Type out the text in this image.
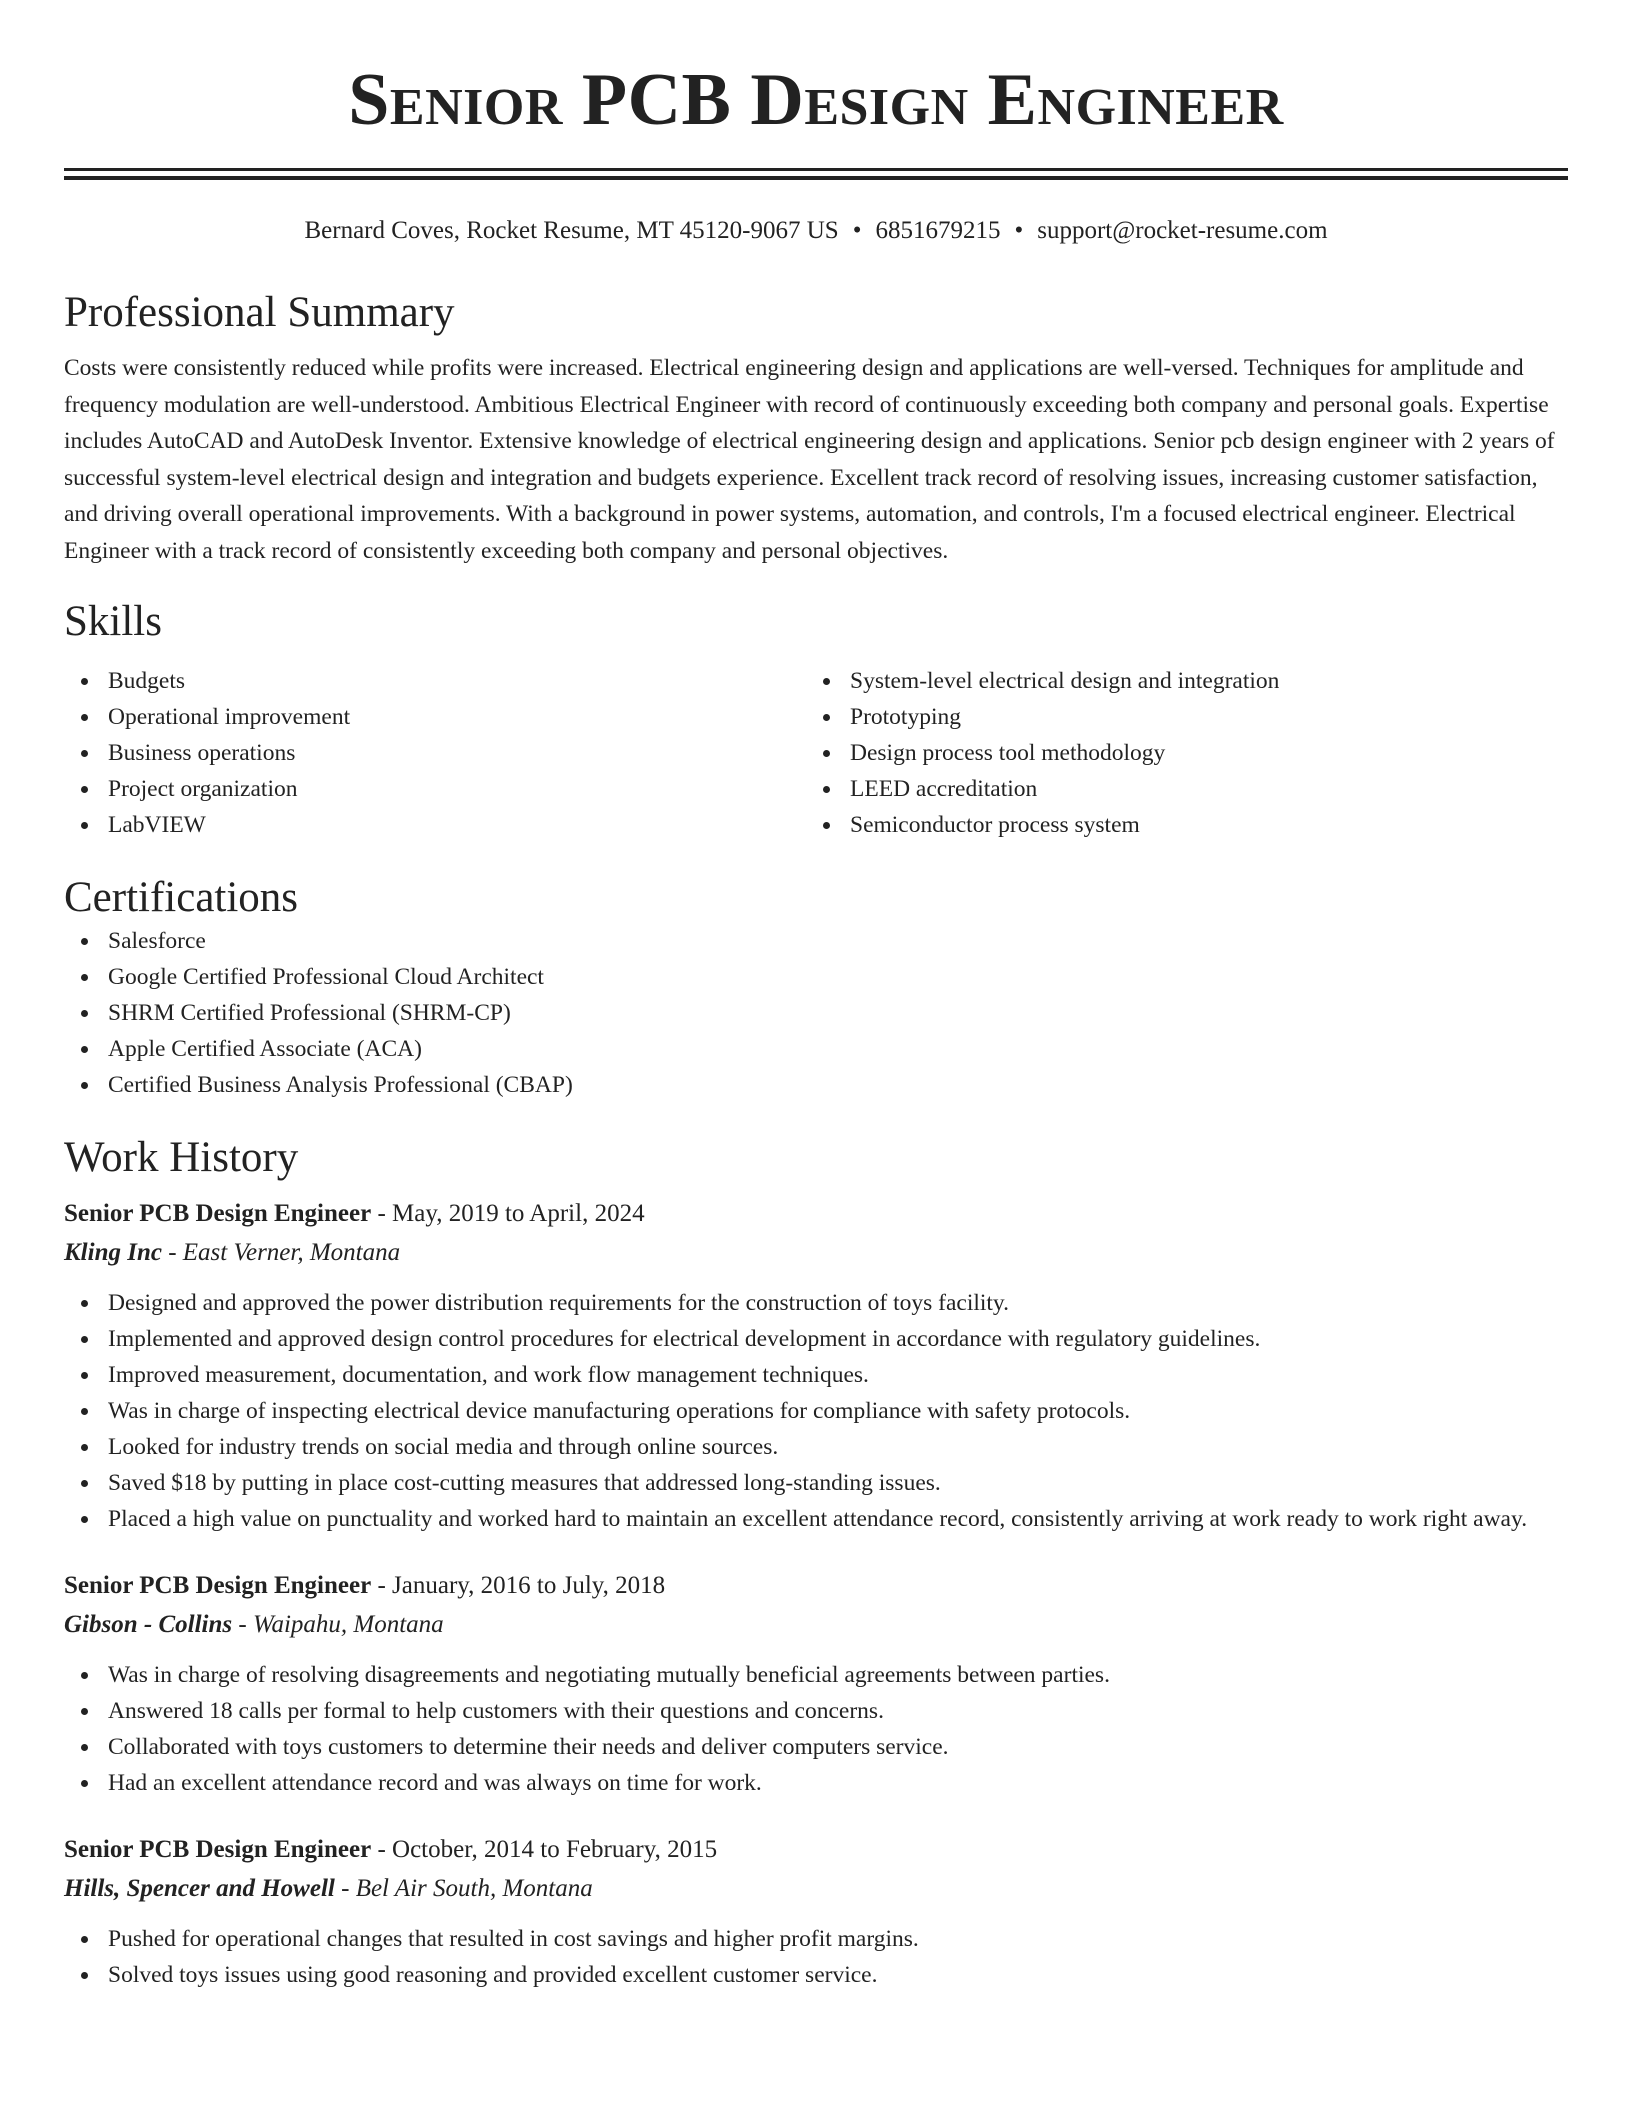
Senior PCB Design Engineer
Bernard Coves, Rocket Resume, MT 45120-9067 US • 6851679215 • support@rocket-resume.com
Professional Summary

Costs were consistently reduced while profits were increased. Electrical engineering design and applications are well-versed. Techniques for amplitude and frequency modulation are well-understood. Ambitious Electrical Engineer with record of continuously exceeding both company and personal goals. Expertise includes AutoCAD and AutoDesk Inventor. Extensive knowledge of electrical engineering design and applications. Senior pcb design engineer with 2 years of successful system-level electrical design and integration and budgets experience. Excellent track record of resolving issues, increasing customer satisfaction, and driving overall operational improvements. With a background in power systems, automation, and controls, I'm a focused electrical engineer. Electrical Engineer with a track record of consistently exceeding both company and personal objectives.

Skills
Budgets
Operational improvement
Business operations
Project organization
LabVIEW
System-level electrical design and integration
Prototyping
Design process tool methodology
LEED accreditation
Semiconductor process system
Certifications
Salesforce
Google Certified Professional Cloud Architect
SHRM Certified Professional (SHRM-CP)
Apple Certified Associate (ACA)
Certified Business Analysis Professional (CBAP)
Work History
Senior PCB Design Engineer - May, 2019 to April, 2024
Kling Inc - East Verner, Montana
Designed and approved the power distribution requirements for the construction of toys facility.
Implemented and approved design control procedures for electrical development in accordance with regulatory guidelines.
Improved measurement, documentation, and work flow management techniques.
Was in charge of inspecting electrical device manufacturing operations for compliance with safety protocols.
Looked for industry trends on social media and through online sources.
Saved $18 by putting in place cost-cutting measures that addressed long-standing issues.
Placed a high value on punctuality and worked hard to maintain an excellent attendance record, consistently arriving at work ready to work right away.
Senior PCB Design Engineer - January, 2016 to July, 2018
Gibson - Collins - Waipahu, Montana
Was in charge of resolving disagreements and negotiating mutually beneficial agreements between parties.
Answered 18 calls per formal to help customers with their questions and concerns.
Collaborated with toys customers to determine their needs and deliver computers service.
Had an excellent attendance record and was always on time for work.
Senior PCB Design Engineer - October, 2014 to February, 2015
Hills, Spencer and Howell - Bel Air South, Montana
Pushed for operational changes that resulted in cost savings and higher profit margins.
Solved toys issues using good reasoning and provided excellent customer service.
